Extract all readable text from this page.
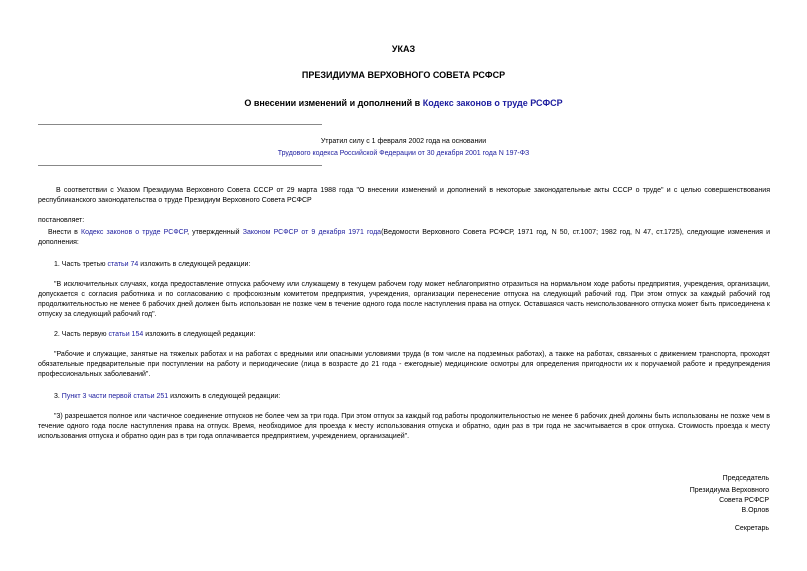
УКАЗ
ПРЕЗИДИУМА ВЕРХОВНОГО СОВЕТА РСФСР
О внесении изменений и дополнений в Кодекс законов о труде РСФСР
Утратил силу с 1 февраля 2002 года на основании
Трудового кодекса Российской Федерации от 30 декабря 2001 года N 197-ФЗ
В соответствии с Указом Президиума Верховного Совета СССР от 29 марта 1988 года "О внесении изменений и дополнений в некоторые законодательные акты СССР о труде" и с целью совершенствования республиканского законодательства о труде Президиум Верховного Совета РСФСР
постановляет:
Внести в Кодекс законов о труде РСФСР, утвержденный Законом РСФСР от 9 декабря 1971 года(Ведомости Верховного Совета РСФСР, 1971 год, N 50, ст.1007; 1982 год, N 47, ст.1725), следующие изменения и дополнения:
1. Часть третью статьи 74 изложить в следующей редакции:
"В исключительных случаях, когда предоставление отпуска рабочему или служащему в текущем рабочем году может неблагоприятно отразиться на нормальном ходе работы предприятия, учреждения, организации, допускается с согласия работника и по согласованию с профсоюзным комитетом предприятия, учреждения, организации перенесение отпуска на следующий рабочий год. При этом отпуск за каждый рабочий год продолжительностью не менее 6 рабочих дней должен быть использован не позже чем в течение одного года после наступления права на отпуск. Оставшаяся часть неиспользованного отпуска может быть присоединена к отпуску за следующий рабочий год".
2. Часть первую статьи 154 изложить в следующей редакции:
"Рабочие и служащие, занятые на тяжелых работах и на работах с вредными или опасными условиями труда (в том числе на подземных работах), а также на работах, связанных с движением транспорта, проходят обязательные предварительные при поступлении на работу и периодические (лица в возрасте до 21 года - ежегодные) медицинские осмотры для определения пригодности их к поручаемой работе и предупреждения профессиональных заболеваний".
3. Пункт 3 части первой статьи 251 изложить в следующей редакции:
"3) разрешается полное или частичное соединение отпусков не более чем за три года. При этом отпуск за каждый год работы продолжительностью не менее 6 рабочих дней должны быть использованы не позже чем в течение одного года после наступления права на отпуск. Время, необходимое для проезда к месту использования отпуска и обратно, один раз в три года не засчитывается в срок отпуска. Стоимость проезда к месту использования отпуска и обратно один раз в три года оплачивается предприятием, учреждением, организацией".
Председатель
Президиума Верховного
Совета РСФСР
В.Орлов
Секретарь
